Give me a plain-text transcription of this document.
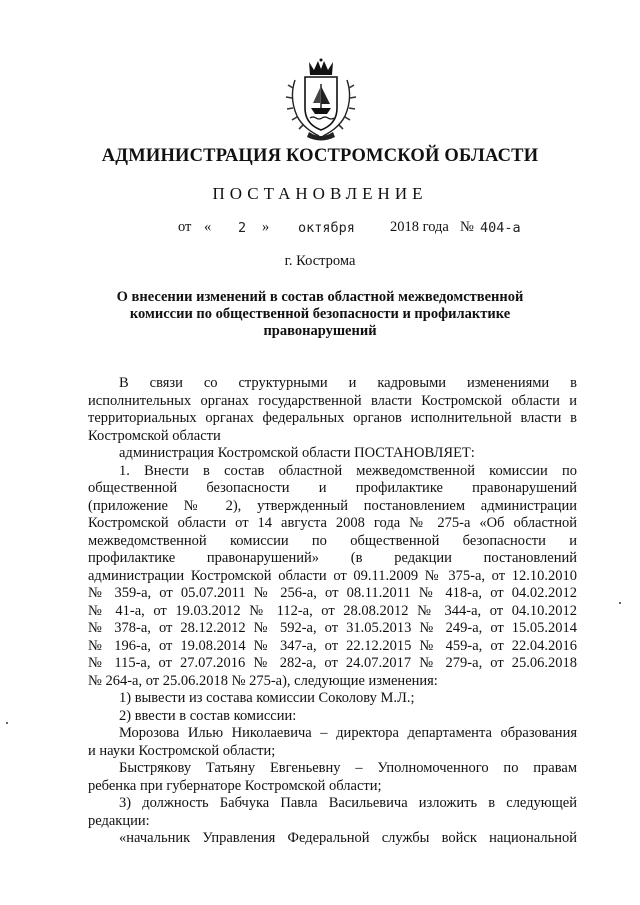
АДМИНИСТРАЦИЯ КОСТРОМСКОЙ ОБЛАСТИ
ПОСТАНОВЛЕНИЕ
от « 2 » октября 2018 года № 404-а
г. Кострома
О внесении изменений в состав областной межведомственной
комиссии по общественной безопасности и профилактике
правонарушений

В связи со структурными и кадровыми изменениями в

исполнительных органах государственной власти Костромской области и

территориальных органах федеральных органов исполнительной власти в

Костромской области

администрация Костромской области ПОСТАНОВЛЯЕТ:

1. Внести в состав областной межведомственной комиссии по

общественной безопасности и профилактике правонарушений

(приложение № 2), утвержденный постановлением администрации

Костромской области от 14 августа 2008 года № 275-а «Об областной

межведомственной комиссии по общественной безопасности и

профилактике правонарушений» (в редакции постановлений

администрации Костромской области от 09.11.2009 № 375-а, от 12.10.2010

№ 359-а, от 05.07.2011 № 256-а, от 08.11.2011 № 418-а, от 04.02.2012

№ 41-а, от 19.03.2012 № 112-а, от 28.08.2012 № 344-а, от 04.10.2012

№ 378-а, от 28.12.2012 № 592-а, от 31.05.2013 № 249-а, от 15.05.2014

№ 196-а, от 19.08.2014 № 347-а, от 22.12.2015 № 459-а, от 22.04.2016

№ 115-а, от 27.07.2016 № 282-а, от 24.07.2017 № 279-а, от 25.06.2018

№ 264-а, от 25.06.2018 № 275-а), следующие изменения:

1) вывести из состава комиссии Соколову М.Л.;

2) ввести в состав комиссии:

Морозова Илью Николаевича – директора департамента образования

и науки Костромской области;

Быстрякову Татьяну Евгеньевну – Уполномоченного по правам

ребенка при губернаторе Костромской области;

3) должность Бабчука Павла Васильевича изложить в следующей

редакции:

«начальник Управления Федеральной службы войск национальной
